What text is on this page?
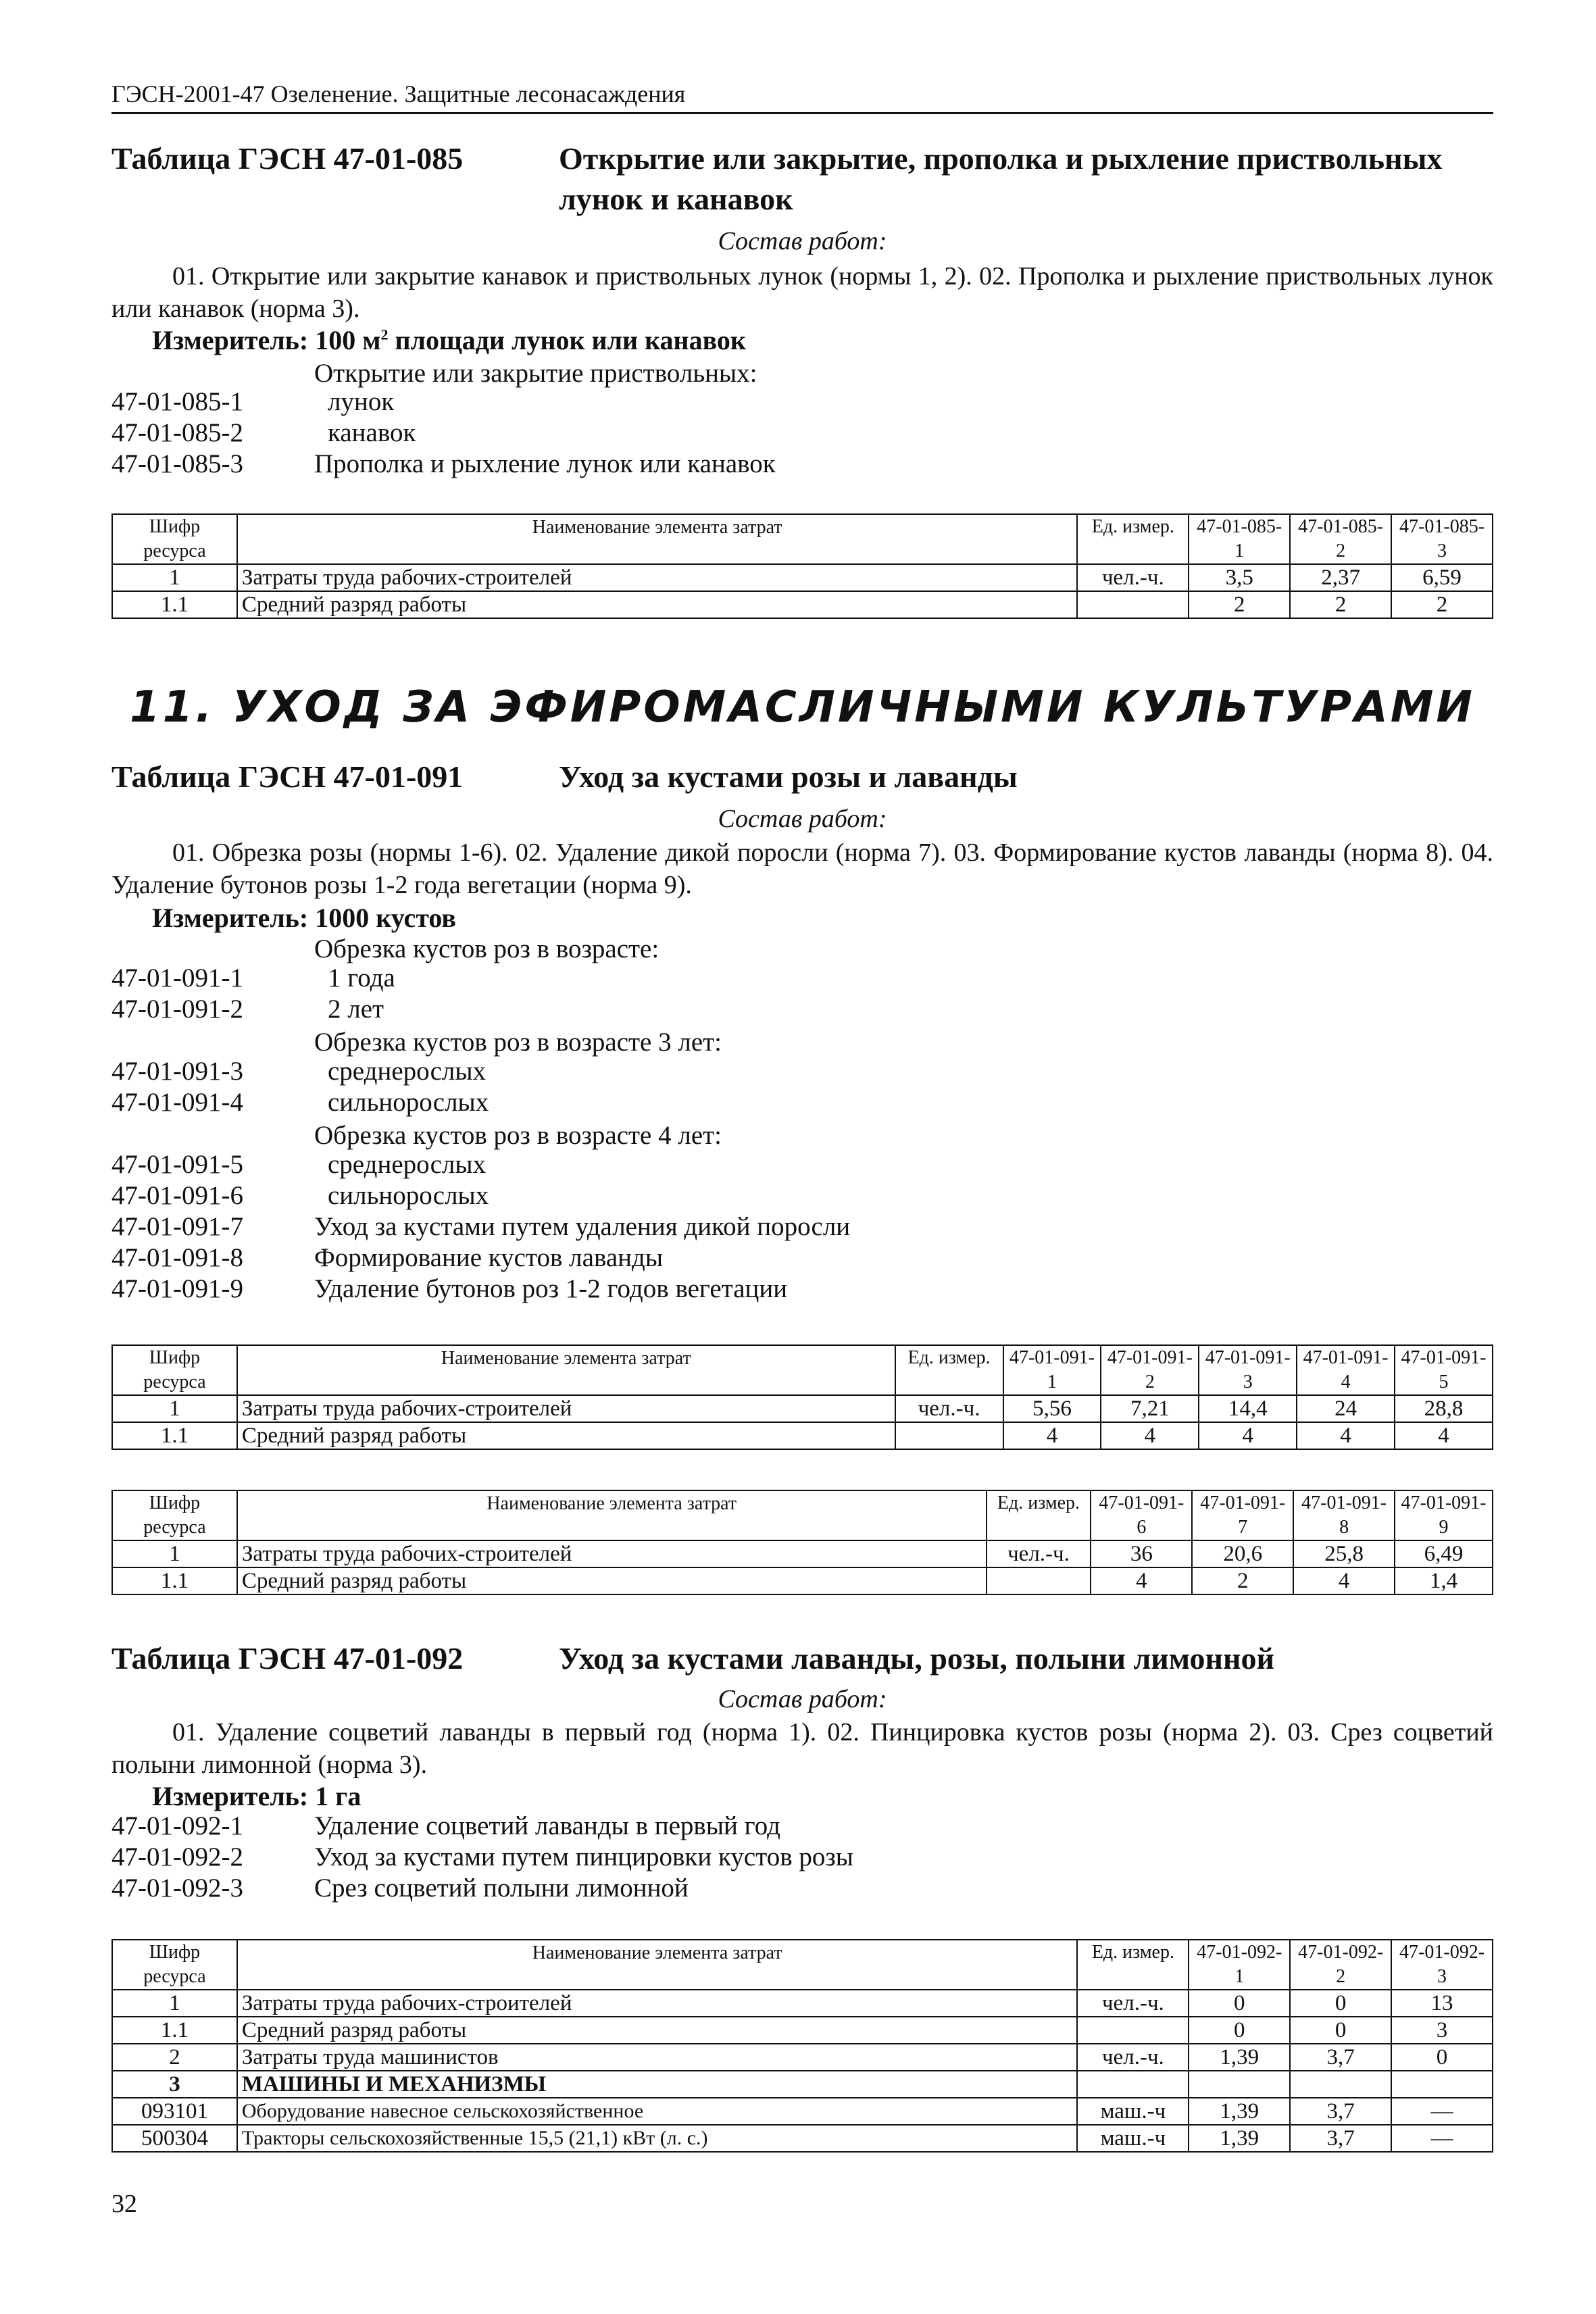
ГЭСН-2001-47 Озеленение. Защитные лесонасаждения
Таблица ГЭСН 47-01-085	Открытие или закрытие, прополка и рыхление приствольных лунок и канавок
Состав работ:
01. Открытие или закрытие канавок и приствольных лунок (нормы 1, 2). 02. Прополка и рыхление приствольных лунок или канавок (норма 3).
Измеритель: 100 $м^2$ площади лунок или канавок
Открытие или закрытие приствольных:
47-01-085-1	лунок
47-01-085-2	канавок
47-01-085-3	Прополка и рыхление лунок или канавок
Шифр ресурса	Наименование элемента затрат	Ед. измер.	47-01-085-1	47-01-085-2	47-01-085-3
1	Затраты труда рабочих-строителей	чел.-ч.	3,5	2,37	6,59
1.1	Средний разряд работы		2	2	2
11. УХОД ЗА ЭФИРОМАСЛИЧНЫМИ КУЛЬТУРАМИ
Таблица ГЭСН 47-01-091	Уход за кустами розы и лаванды
Состав работ:
01. Обрезка розы (нормы 1-6). 02. Удаление дикой поросли (норма 7). 03. Формирование кустов лаванды (норма 8). 04. Удаление бутонов розы 1-2 года вегетации (норма 9).
Измеритель: 1000 кустов
Обрезка кустов роз в возрасте:
47-01-091-1	1 года
47-01-091-2	2 лет
Обрезка кустов роз в возрасте 3 лет:
47-01-091-3	среднерослых
47-01-091-4	сильнорослых
Обрезка кустов роз в возрасте 4 лет:
47-01-091-5	среднерослых
47-01-091-6	сильнорослых
47-01-091-7	Уход за кустами путем удаления дикой поросли
47-01-091-8	Формирование кустов лаванды
47-01-091-9	Удаление бутонов роз 1-2 годов вегетации
Шифр ресурса	Наименование элемента затрат	Ед. измер.	47-01-091-1	47-01-091-2	47-01-091-3	47-01-091-4	47-01-091-5
1	Затраты труда рабочих-строителей	чел.-ч.	5,56	7,21	14,4	24	28,8
1.1	Средний разряд работы		4	4	4	4	4
Шифр ресурса	Наименование элемента затрат	Ед. измер.	47-01-091-6	47-01-091-7	47-01-091-8	47-01-091-9
1	Затраты труда рабочих-строителей	чел.-ч.	36	20,6	25,8	6,49
1.1	Средний разряд работы		4	2	4	1,4
Таблица ГЭСН 47-01-092	Уход за кустами лаванды, розы, полыни лимонной
Состав работ:
01. Удаление соцветий лаванды в первый год (норма 1). 02. Пинцировка кустов розы (норма 2). 03. Срез соцветий полыни лимонной (норма 3).
Измеритель: 1 га
47-01-092-1	Удаление соцветий лаванды в первый год
47-01-092-2	Уход за кустами путем пинцировки кустов розы
47-01-092-3	Срез соцветий полыни лимонной
Шифр ресурса	Наименование элемента затрат	Ед. измер.	47-01-092-1	47-01-092-2	47-01-092-3
1	Затраты труда рабочих-строителей	чел.-ч.	0	0	13
1.1	Средний разряд работы		0	0	3
2	Затраты труда машинистов	чел.-ч.	1,39	3,7	0
3	МАШИНЫ И МЕХАНИЗМЫ				
093101	Оборудование навесное сельскохозяйственное	маш.-ч	1,39	3,7	—
500304	Тракторы сельскохозяйственные 15,5 (21,1) кВт (л. с.)	маш.-ч	1,39	3,7	—
32
